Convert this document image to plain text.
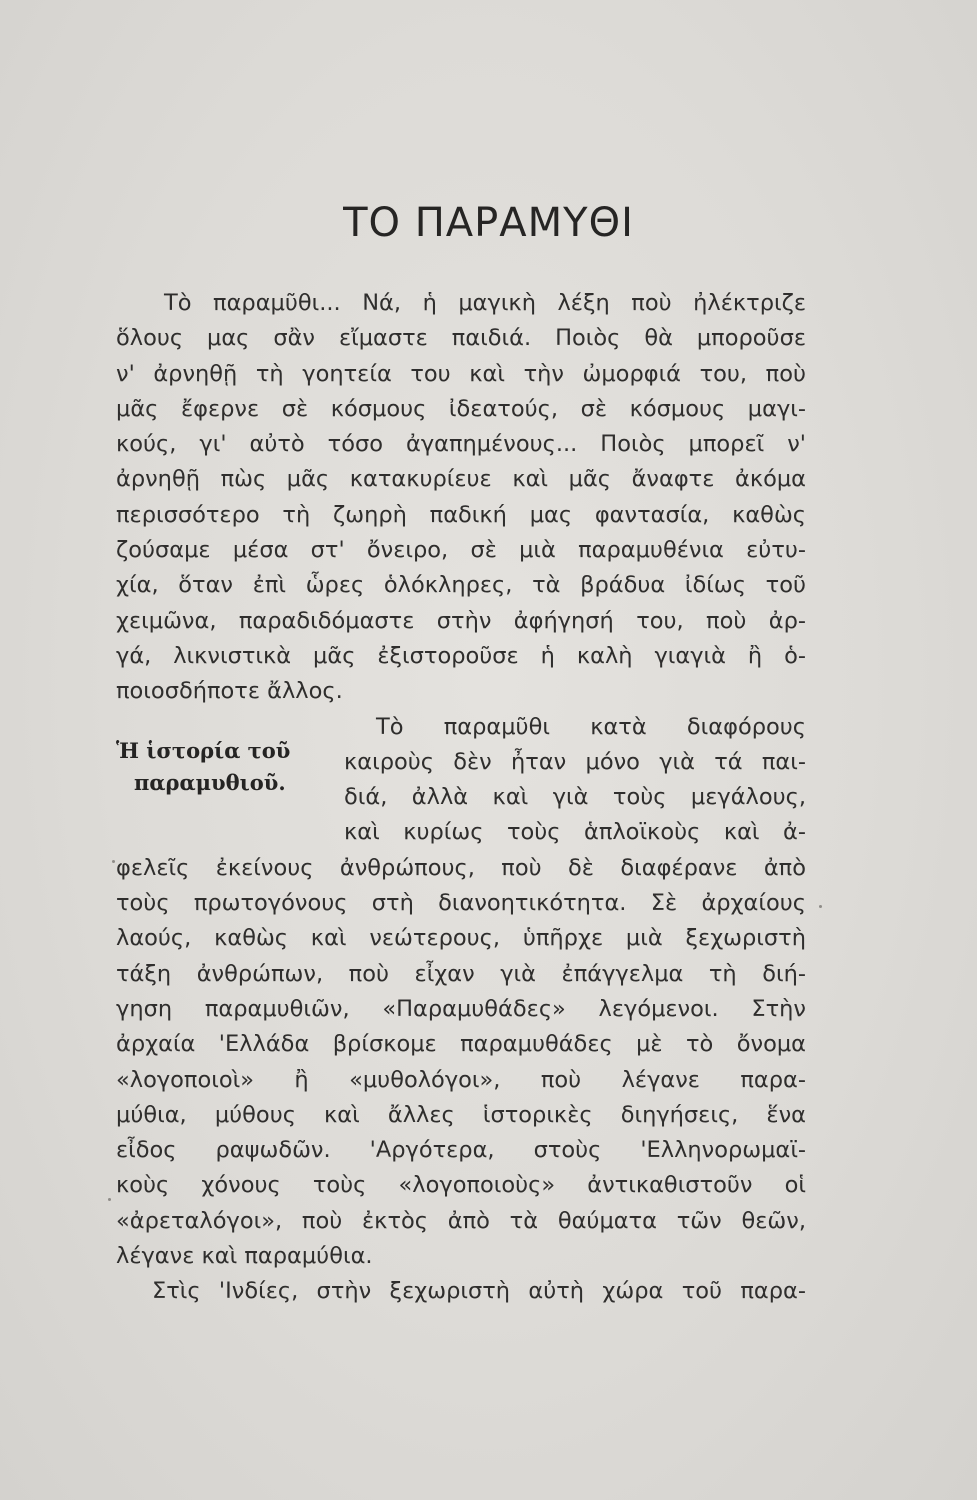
ΤΟ ΠΑΡΑΜΥΘΙ
Ἡ ἱστορία τοῦ
παραμυθιοῦ.
Τὸ παραμῦθι... Νά, ἡ μαγικὴ λέξη ποὺ ἠλέκτριζε
ὅλους μας σἂν εἴμαστε παιδιά. Ποιὸς θὰ μποροῦσε
ν' ἀρνηθῇ τὴ γοητεία του καὶ τὴν ὠμορφιά του, ποὺ
μᾶς ἔφερνε σὲ κόσμους ἰδεατούς, σὲ κόσμους μαγι-
κούς, γι' αὐτὸ τόσο ἀγαπημένους... Ποιὸς μπορεῖ ν'
ἀρνηθῇ πὼς μᾶς κατακυρίευε καὶ μᾶς ἄναφτε ἀκόμα
περισσότερο τὴ ζωηρὴ παδική μας φαντασία, καθὼς
ζούσαμε μέσα στ' ὄνειρο, σὲ μιὰ παραμυθένια εὐτυ-
χία, ὅταν ἐπὶ ὧρες ὁλόκληρες, τὰ βράδυα ἰδίως τοῦ
χειμῶνα, παραδιδόμαστε στὴν ἀφήγησή του, ποὺ ἀρ-
γά, λικνιστικὰ μᾶς ἐξιστοροῦσε ἡ καλὴ γιαγιὰ ἢ ὁ-
ποιοσδήποτε ἄλλος.
Τὸ παραμῦθι κατὰ διαφόρους
καιροὺς δὲν ἦταν μόνο γιὰ τά παι-
διά, ἀλλὰ καὶ γιὰ τοὺς μεγάλους,
καὶ κυρίως τοὺς ἁπλοϊκοὺς καὶ ἀ-
φελεῖς ἐκείνους ἀνθρώπους, ποὺ δὲ διαφέρανε ἀπὸ
τοὺς πρωτογόνους στὴ διανοητικότητα. Σὲ ἀρχαίους
λαούς, καθὼς καὶ νεώτερους, ὑπῆρχε μιὰ ξεχωριστὴ
τάξη ἀνθρώπων, ποὺ εἶχαν γιὰ ἐπάγγελμα τὴ διή-
γηση παραμυθιῶν, «Παραμυθάδες» λεγόμενοι. Στὴν
ἀρχαία 'Ελλάδα βρίσκομε παραμυθάδες μὲ τὸ ὄνομα
«λογοποιοὶ» ἢ «μυθολόγοι», ποὺ λέγανε παρα-
μύθια, μύθους καὶ ἄλλες ἱστορικὲς διηγήσεις, ἕνα
εἶδος ραψωδῶν. 'Αργότερα, στοὺς 'Ελληνορωμαϊ-
κοὺς χόνους τοὺς «λογοποιοὺς» ἀντικαθιστοῦν οἱ
«ἀρεταλόγοι», ποὺ ἐκτὸς ἀπὸ τὰ θαύματα τῶν θεῶν,
λέγανε καὶ παραμύθια.
Στὶς 'Ινδίες, στὴν ξεχωριστὴ αὐτὴ χώρα τοῦ παρα-
